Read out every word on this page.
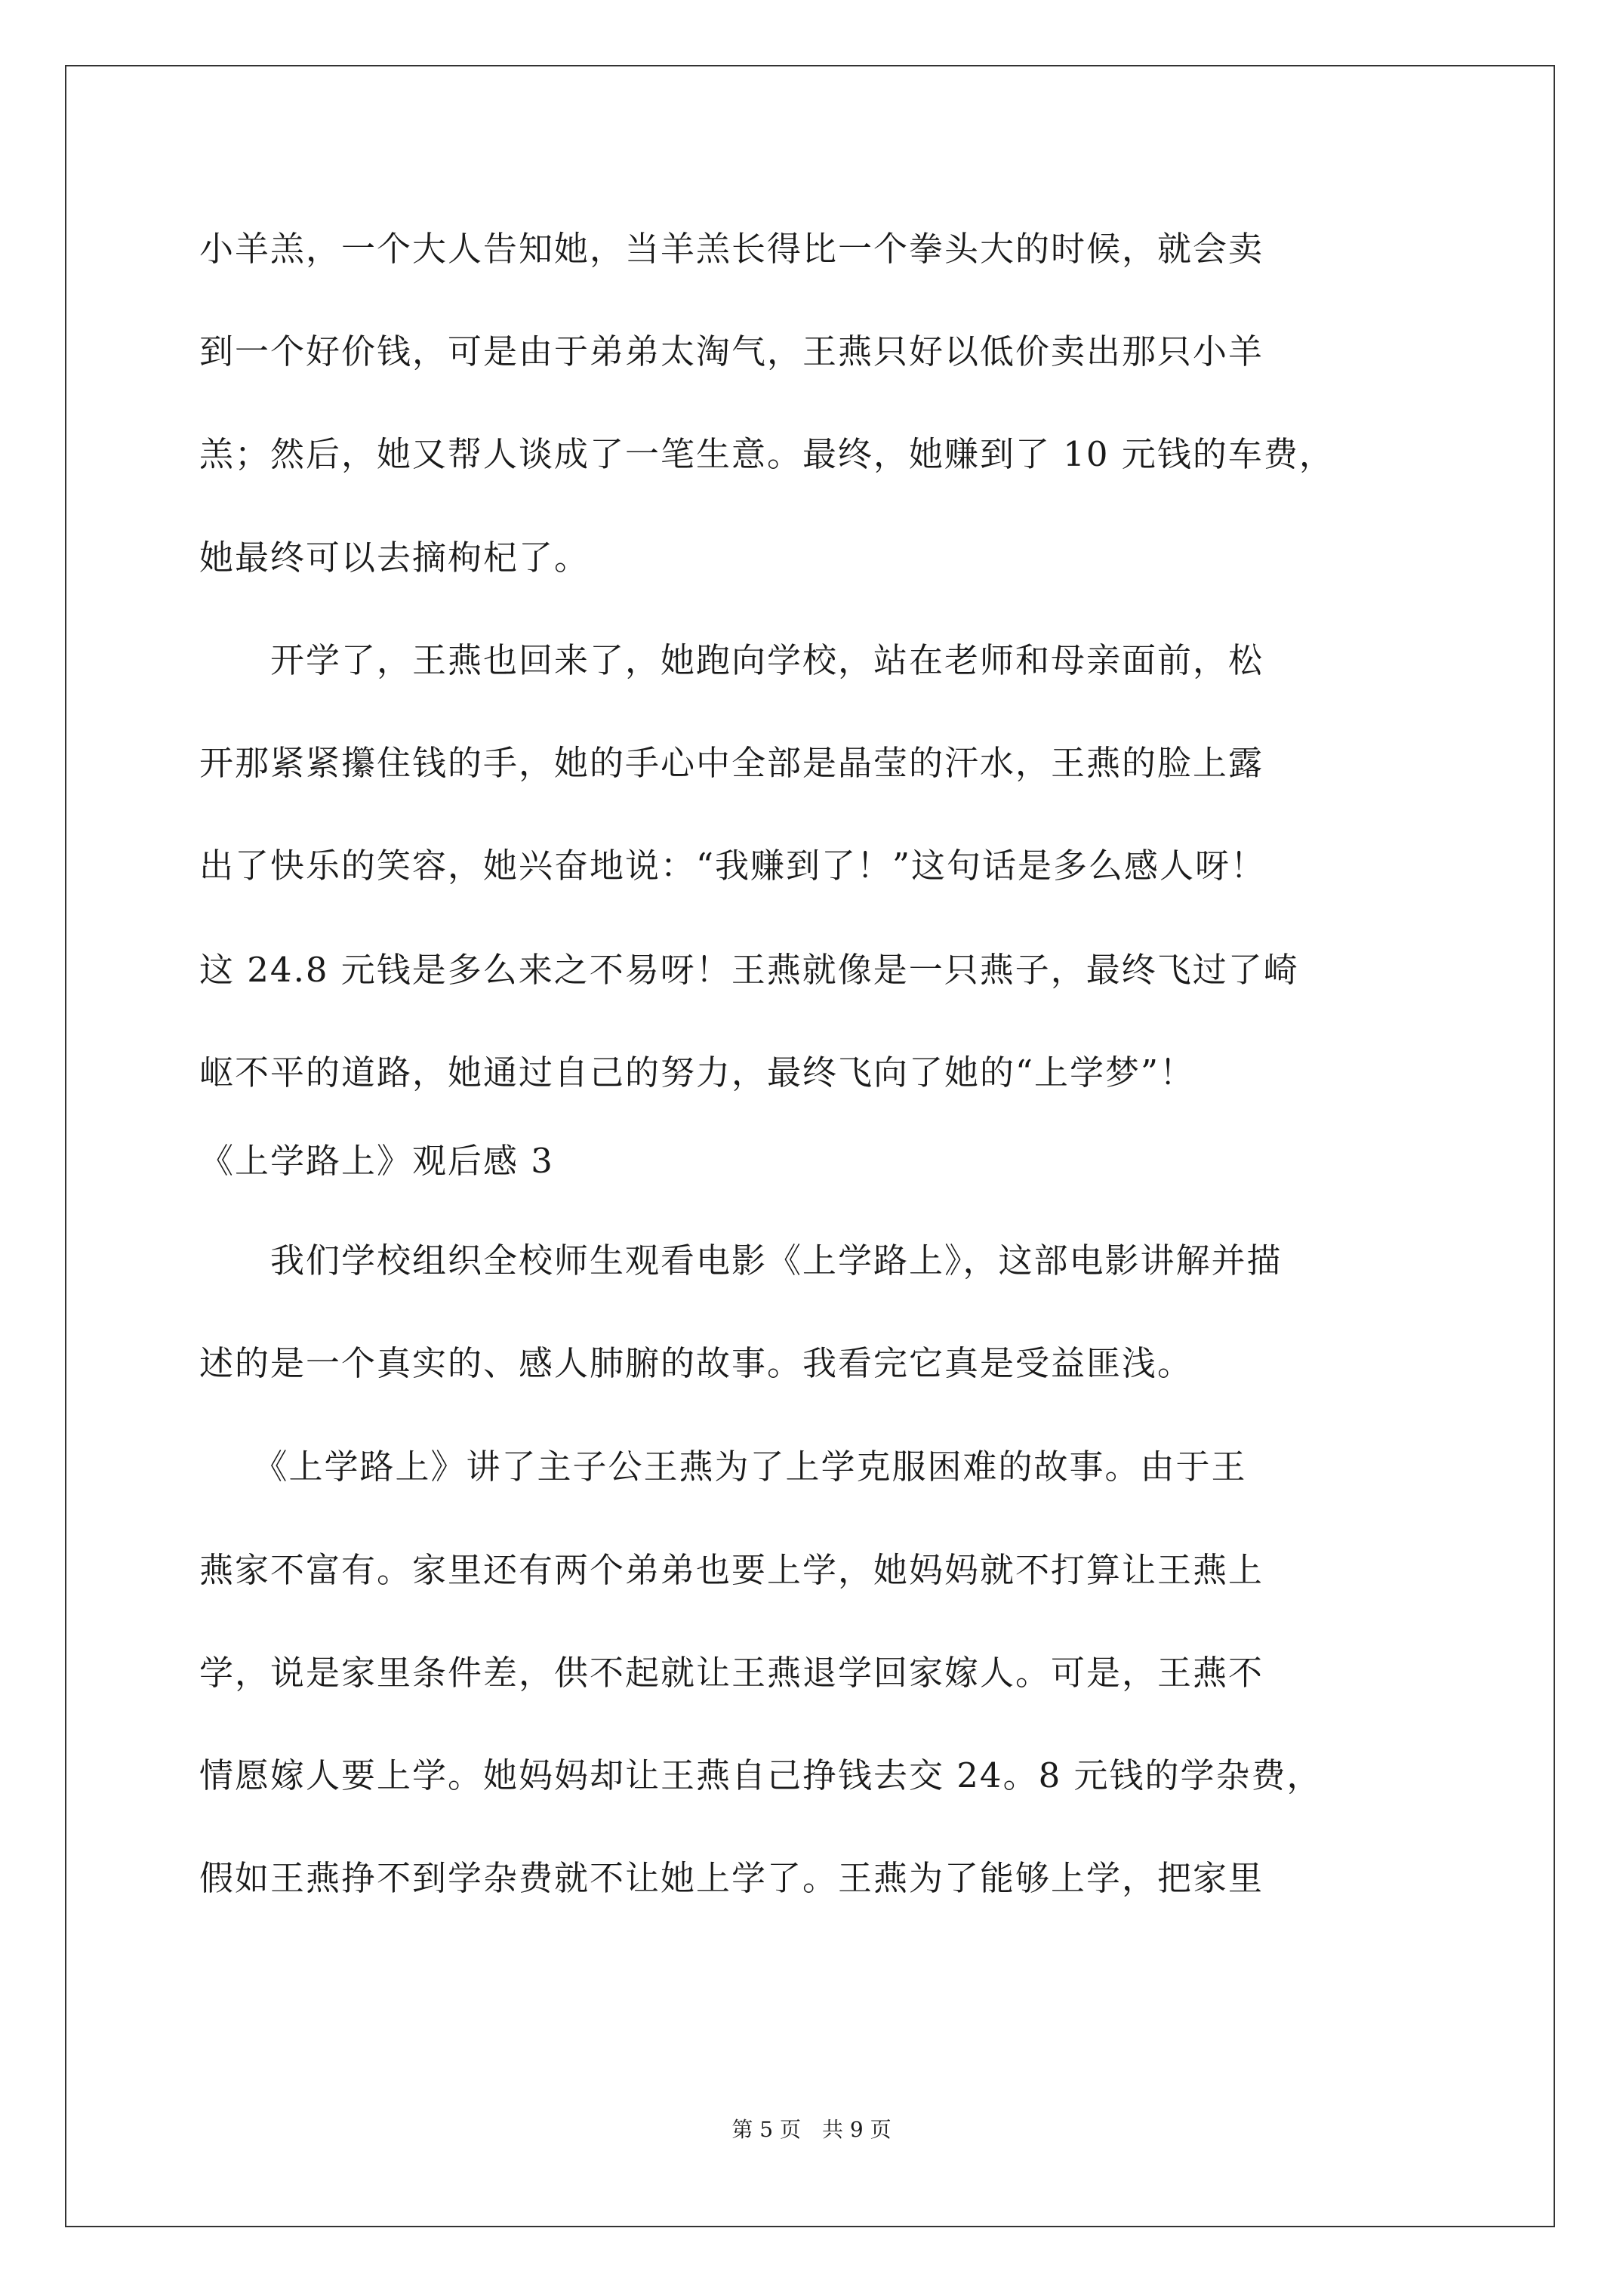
小羊羔，一个大人告知她，当羊羔长得比一个拳头大的时候，就会卖
到一个好价钱，可是由于弟弟太淘气，王燕只好以低价卖出那只小羊
羔；然后，她又帮人谈成了一笔生意。最终，她赚到了 10 元钱的车费，
她最终可以去摘枸杞了。
　　开学了，王燕也回来了，她跑向学校，站在老师和母亲面前，松
开那紧紧攥住钱的手，她的手心中全部是晶莹的汗水，王燕的脸上露
出了快乐的笑容，她兴奋地说：“我赚到了！”这句话是多么感人呀！
这 24.8 元钱是多么来之不易呀！王燕就像是一只燕子，最终飞过了崎
岖不平的道路，她通过自己的努力，最终飞向了她的“上学梦”！
《上学路上》观后感 3
　　我们学校组织全校师生观看电影《上学路上》，这部电影讲解并描
述的是一个真实的、感人肺腑的故事。我看完它真是受益匪浅。
　　《上学路上》讲了主子公王燕为了上学克服困难的故事。由于王
燕家不富有。家里还有两个弟弟也要上学，她妈妈就不打算让王燕上
学，说是家里条件差，供不起就让王燕退学回家嫁人。可是，王燕不
情愿嫁人要上学。她妈妈却让王燕自己挣钱去交 24。8 元钱的学杂费，
假如王燕挣不到学杂费就不让她上学了。王燕为了能够上学，把家里
第 5 页　共 9 页
